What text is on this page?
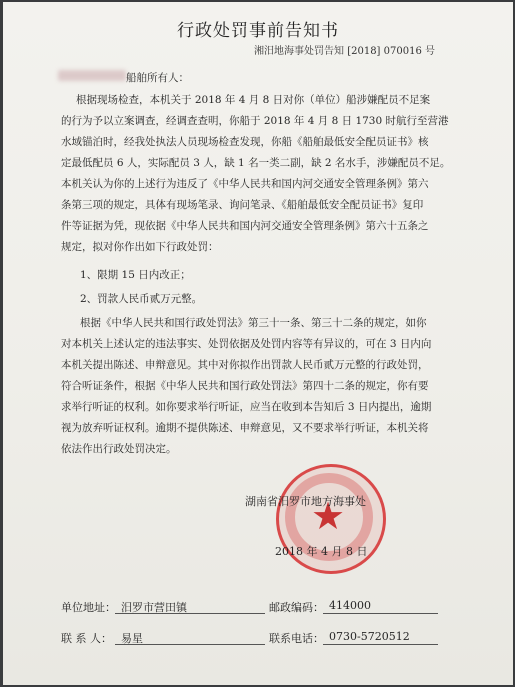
行政处罚事前告知书
湘汨地海事处罚告知 [2018] 070016 号
船舶所有人：
根据现场检查，本机关于 2018 年 4 月 8 日对你（单位）船涉嫌配员不足案
的行为予以立案调查，经调查查明，你船于 2018 年 4 月 8 日 1730 时航行至营港
水域锚泊时，经我处执法人员现场检查发现，你船《船舶最低安全配员证书》核
定最低配员 6 人，实际配员 3 人，缺 1 名一类二副，缺 2 名水手，涉嫌配员不足。
本机关认为你的上述行为违反了《中华人民共和国内河交通安全管理条例》第六
条第三项的规定，具体有现场笔录、询问笔录、《船舶最低安全配员证书》复印
件等证据为凭，现依据《中华人民共和国内河交通安全管理条例》第六十五条之
规定，拟对你作出如下行政处罚：
1、限期 15 日内改正；
2、罚款人民币贰万元整。
根据《中华人民共和国行政处罚法》第三十一条、第三十二条的规定，如你
对本机关上述认定的违法事实、处罚依据及处罚内容等有异议的，可在 3 日内向
本机关提出陈述、申辩意见。其中对你拟作出罚款人民币贰万元整的行政处罚，
符合听证条件，根据《中华人民共和国行政处罚法》第四十二条的规定，你有要
求举行听证的权利。如你要求举行听证，应当在收到本告知后 3 日内提出，逾期
视为放弃听证权利。逾期不提供陈述、申辩意见，又不要求举行听证，本机关将
依法作出行政处罚决定。
★
湖南省汨罗市地方海事处
2018 年 4 月 8 日
单位地址： 汨罗市营田镇	邮政编码： 414000
联 系 人： 易星	联系电话： 0730-5720512
